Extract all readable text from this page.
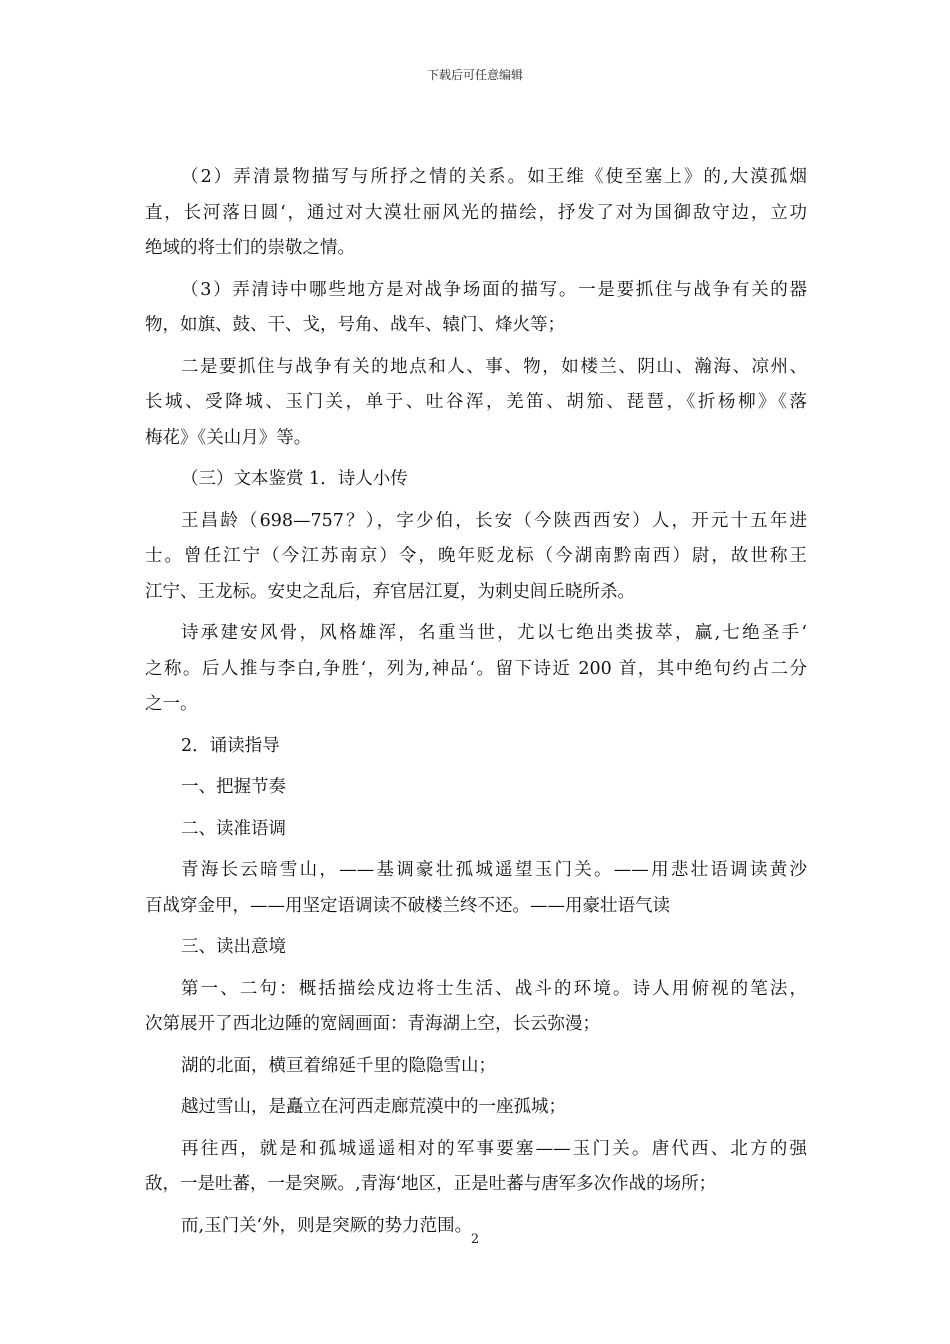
下载后可任意编辑
（2）弄清景物描写与所抒之情的关系。如王维《使至塞上》的,大漠孤烟
直，长河落日圆‘，通过对大漠壮丽风光的描绘，抒发了对为国御敌守边，立功
绝域的将士们的崇敬之情。
（3）弄清诗中哪些地方是对战争场面的描写。一是要抓住与战争有关的器
物，如旗、鼓、干、戈，号角、战车、辕门、烽火等；
二是要抓住与战争有关的地点和人、事、物，如楼兰、阴山、瀚海、凉州、
长城、受降城、玉门关，单于、吐谷浑，羌笛、胡笳、琵琶，《折杨柳》《落
梅花》《关山月》等。
（三）文本鉴赏 1．诗人小传
王昌龄（698—757？），字少伯，长安（今陕西西安）人，开元十五年进
士。曾任江宁（今江苏南京）令，晚年贬龙标（今湖南黔南西）尉，故世称王
江宁、王龙标。安史之乱后，弃官居江夏，为刺史闾丘晓所杀。
诗承建安风骨，风格雄浑，名重当世，尤以七绝出类拔萃，赢,七绝圣手‘
之称。后人推与李白,争胜‘，列为,神品‘。留下诗近 200 首，其中绝句约占二分
之一。
2．诵读指导
一、把握节奏
二、读准语调
青海长云暗雪山，——基调豪壮孤城遥望玉门关。——用悲壮语调读黄沙
百战穿金甲，——用坚定语调读不破楼兰终不还。——用豪壮语气读
三、读出意境
第一、二句：概括描绘戍边将士生活、战斗的环境。诗人用俯视的笔法，
次第展开了西北边陲的宽阔画面：青海湖上空，长云弥漫；
湖的北面，横亘着绵延千里的隐隐雪山；
越过雪山，是矗立在河西走廊荒漠中的一座孤城；
再往西，就是和孤城遥遥相对的军事要塞——玉门关。唐代西、北方的强
敌，一是吐蕃，一是突厥。,青海‘地区，正是吐蕃与唐军多次作战的场所；
而,玉门关‘外，则是突厥的势力范围。
2
